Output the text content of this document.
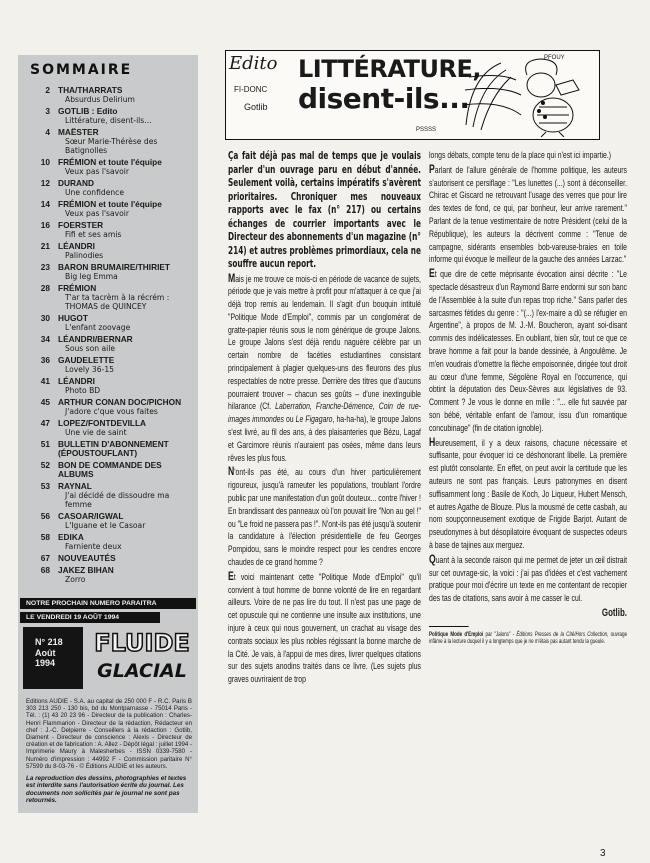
SOMMAIRE
2 THA/THARRATS
Absurdus Delirium
3 GOTLIB : Edito
Littérature, disent-ils...
4 MAËSTER
Sœur Marie-Thérèse des Batignolles
10 FRÉMION et toute l'équipe
Veux pas l'savoir
12 DURAND
Une confidence
14 FRÉMION et toute l'équipe
Veux pas l'savoir
16 FOERSTER
Fifi et ses amis
21 LÉANDRI
Palinodies
23 BARON BRUMAIRE/THIRIET
Big leg Emma
28 FRÉMION
T'ar ta tacrèm à la récrém : THOMAS de QUINCEY
30 HUGOT
L'enfant zoovage
34 LÉANDRI/BERNAR
Sous son aile
36 GAUDELETTE
Lovely 36-15
41 LÉANDRI
Photo BD
45 ARTHUR CONAN DOC/PICHON
J'adore c'que vous faites
47 LOPEZ/FONTDEVILLA
Une vie de saint
51 BULLETIN D'ABONNEMENT (ÉPOUSTOUFLANT)
52 BON DE COMMANDE DES ALBUMS
53 RAYNAL
J'ai décidé de dissoudre ma femme
56 CASOAR/IGWAL
L'Iguane et le Casoar
58 EDIKA
Farniente deux
67 NOUVEAUTÉS
68 JAKEZ BIHAN
Zorro
NOTRE PROCHAIN NUMERO PARAITRA
LE VENDREDI 19 AOÛT 1994
N° 218
Août
1994
FLUIDE
GLACIAL
Editions AUDIE - S.A. au capital de 250 000 F - R.C. Paris B 303 213 250 - 130 bis, bd du Montparnasse - 75014 Paris - Tél. : (1) 43 20 23 96 - Directeur de la publication : Charles-Henri Flammarion - Directeur de la rédaction, Rédacteur en chef : J.-C. Delpierre - Conseillers à la rédaction : Gotlib, Diament - Directeur de conscience : Alexis - Directeur de création et de fabrication : A. Allez - Dépôt légal : juillet 1994 - Imprimerie Maury à Malesherbes - ISSN 0339-7580 - Numéro d'impression : 44992 F - Commission paritaire N° 57599 du 8-03-76 - © Éditions AUDIE et les auteurs.
La reproduction des dessins, photographies et textes est interdite sans l'autorisation écrite du journal. Les documents non sollicités par le journal ne sont pas retournés.
Edito
FI-DONC
Gotlib
LITTÉRATURE,
disent-ils...
PSSSS
PFOUY

Ça fait déjà pas mal de temps que je voulais parler d'un ouvrage paru en début d'année. Seulement voilà, certains impératifs s'avèrent prioritaires. Chroniquer mes nouveaux rapports avec le fax (n° 217) ou certains échanges de courrier importants avec le Directeur des abonnements d'un magazine (n° 214) et autres problèmes primordiaux, cela ne souffre aucun report.

Mais je me trouve ce mois-ci en période de vacance de sujets, période que je vais mettre à profit pour m'attaquer à ce que j'ai déjà trop remis au lendemain. Il s'agit d'un bouquin intitulé "Politique Mode d'Emploi", commis par un conglomérat de gratte-papier réunis sous le nom générique de groupe Jalons. Le groupe Jalons s'est déjà rendu naguère célèbre par un certain nombre de facéties estudiantines consistant principalement à plagier quelques-uns des fleurons des plus respectables de notre presse. Derrière des titres que d'aucuns pourraient trouver – chacun ses goûts – d'une inextinguible hilarance (Cf. Laberration, Franche-Démence, Coin de rue-images immondes ou Le Figagaro, ha-ha-ha), le groupe Jalons s'est livré, au fil des ans, à des plaisanteries que Bézu, Lagaf et Garcimore réunis n'auraient pas osées, même dans leurs rêves les plus fous.

N'ont-ils pas été, au cours d'un hiver particulièrement rigoureux, jusqu'à rameuter les populations, troublant l'ordre public par une manifestation d'un goût douteux... contre l'hiver ! En brandissant des panneaux où l'on pouvait lire "Non au gel !" ou "Le froid ne passera pas !". N'ont-ils pas été jusqu'à soutenir la candidature à l'élection présidentielle de feu Georges Pompidou, sans le moindre respect pour les cendres encore chaudes de ce grand homme ?

Et voici maintenant cette "Politique Mode d'Emploi" qu'il convient à tout homme de bonne volonté de lire en regardant ailleurs. Voire de ne pas lire du tout. Il n'est pas une page de cet opuscule qui ne contienne une insulte aux institutions, une injure à ceux qui nous gouvernent, un crachat au visage des contrats sociaux les plus nobles régissant la bonne marche de la Cité. Je vais, à l'appui de mes dires, livrer quelques citations sur des sujets anodins traités dans ce livre. (Les sujets plus graves ouvriraient de trop

longs débats, compte tenu de la place qui n'est ici impartie.)

Parlant de l'allure générale de l'homme politique, les auteurs s'autorisent ce persiflage : "Les lunettes (...) sont à déconseiller. Chirac et Giscard ne retrouvant l'usage des verres que pour lire des textes de fond, ce qui, par bonheur, leur arrive rarement." Parlant de la tenue vestimentaire de notre Président (celui de la République), les auteurs la décrivent comme : "Tenue de campagne, sidérants ensembles bob-vareuse-braies en toile informe qui évoque le meilleur de la gauche des années Larzac."

Et que dire de cette méprisante évocation ainsi décrite : "Le spectacle désastreux d'un Raymond Barre endormi sur son banc de l'Assemblée à la suite d'un repas trop riche." Sans parler des sarcasmes fétides du genre : "(...) l'ex-maire a dû se réfugier en Argentine", à propos de M. J.-M. Boucheron, ayant soi-disant commis des indélicatesses. En oubliant, bien sûr, tout ce que ce brave homme a fait pour la bande dessinée, à Angoulême. Je m'en voudrais d'omettre la flèche empoisonnée, dirigée tout droit au cœur d'une femme, Ségolène Royal en l'occurrence, qui obtint la députation des Deux-Sèvres aux législatives de 93. Comment ? Je vous le donne en mille : "... elle fut sauvée par son bébé, véritable enfant de l'amour, issu d'un romantique concubinage" (fin de citation ignoble).

Heureusement, il y a deux raisons, chacune nécessaire et suffisante, pour évoquer ici ce déshonorant libelle. La première est plutôt consolante. En effet, on peut avoir la certitude que les auteurs ne sont pas français. Leurs patronymes en disent suffisamment long : Basile de Koch, Jo Liqueur, Hubert Mensch, et autres Agathe de Blouze. Plus la mousmé de cette casbah, au nom soupçonneusement exotique de Frigide Barjot. Autant de pseudonymes à but désopilatoire évoquant de suspectes odeurs à base de tajines aux merguez.

Quant à la seconde raison qui me permet de jeter un œil distrait sur cet ouvrage-sic, la voici : j'ai pas d'idées et c'est vachement pratique pour moi d'écrire un texte en me contentant de recopier des tas de citations, sans avoir à me casser le cul.

Gotlib.
Politique Mode d'Emploi par "Jalons" - Éditions Presses de la Cité/Hors Collection, ouvrage infâme à la lecture duquel il y a longtemps que je ne m'étais pas autant tendu la gueule.
3
